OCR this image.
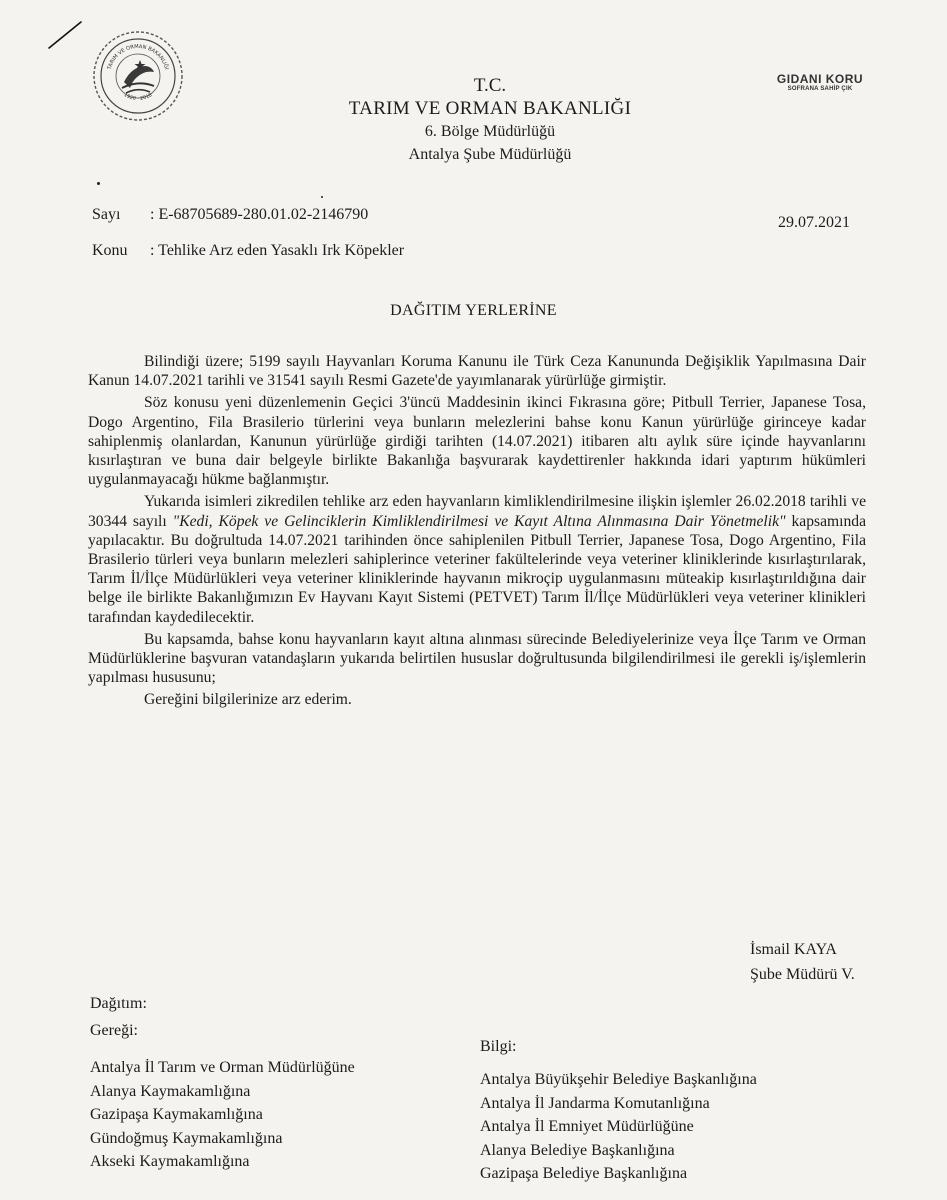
TARIM VE ORMAN BAKANLIĞI
1920 · 2018
GIDANI KORU
SOFRANA SAHİP ÇIK
T.C.
TARIM VE ORMAN BAKANLIĞI
6. Bölge Müdürlüğü
Antalya Şube Müdürlüğü
Sayı : E-68705689-280.01.02-2146790
Konu : Tehlike Arz eden Yasaklı Irk Köpekler
29.07.2021
DAĞITIM YERLERİNE

Bilindiği üzere; 5199 sayılı Hayvanları Koruma Kanunu ile Türk Ceza Kanununda Değişiklik Yapılmasına Dair Kanun 14.07.2021 tarihli ve 31541 sayılı Resmi Gazete'de yayımlanarak yürürlüğe girmiştir.

Söz konusu yeni düzenlemenin Geçici 3'üncü Maddesinin ikinci Fıkrasına göre; Pitbull Terrier, Japanese Tosa, Dogo Argentino, Fila Brasilerio türlerini veya bunların melezlerini bahse konu Kanun yürürlüğe girinceye kadar sahiplenmiş olanlardan, Kanunun yürürlüğe girdiği tarihten (14.07.2021) itibaren altı aylık süre içinde hayvanlarını kısırlaştıran ve buna dair belgeyle birlikte Bakanlığa başvurarak kaydettirenler hakkında idari yaptırım hükümleri uygulanmayacağı hükme bağlanmıştır.

Yukarıda isimleri zikredilen tehlike arz eden hayvanların kimliklendirilmesine ilişkin işlemler 26.02.2018 tarihli ve 30344 sayılı "Kedi, Köpek ve Gelinciklerin Kimliklendirilmesi ve Kayıt Altına Alınmasına Dair Yönetmelik" kapsamında yapılacaktır. Bu doğrultuda 14.07.2021 tarihinden önce sahiplenilen Pitbull Terrier, Japanese Tosa, Dogo Argentino, Fila Brasilerio türleri veya bunların melezleri sahiplerince veteriner fakültelerinde veya veteriner kliniklerinde kısırlaştırılarak, Tarım İl/İlçe Müdürlükleri veya veteriner kliniklerinde hayvanın mikroçip uygulanmasını müteakip kısırlaştırıldığına dair belge ile birlikte Bakanlığımızın Ev Hayvanı Kayıt Sistemi (PETVET) Tarım İl/İlçe Müdürlükleri veya veteriner klinikleri tarafından kaydedilecektir.

Bu kapsamda, bahse konu hayvanların kayıt altına alınması sürecinde Belediyelerinize veya İlçe Tarım ve Orman Müdürlüklerine başvuran vatandaşların yukarıda belirtilen hususlar doğrultusunda bilgilendirilmesi ile gerekli iş/işlemlerin yapılması hususunu;

Gereğini bilgilerinize arz ederim.

İsmail KAYA
Şube Müdürü V.
Dağıtım:
Gereği:
Antalya İl Tarım ve Orman Müdürlüğüne
Alanya Kaymakamlığına
Gazipaşa Kaymakamlığına
Gündoğmuş Kaymakamlığına
Akseki Kaymakamlığına
Bilgi:
Antalya Büyükşehir Belediye Başkanlığına
Antalya İl Jandarma Komutanlığına
Antalya İl Emniyet Müdürlüğüne
Alanya Belediye Başkanlığına
Gazipaşa Belediye Başkanlığına
